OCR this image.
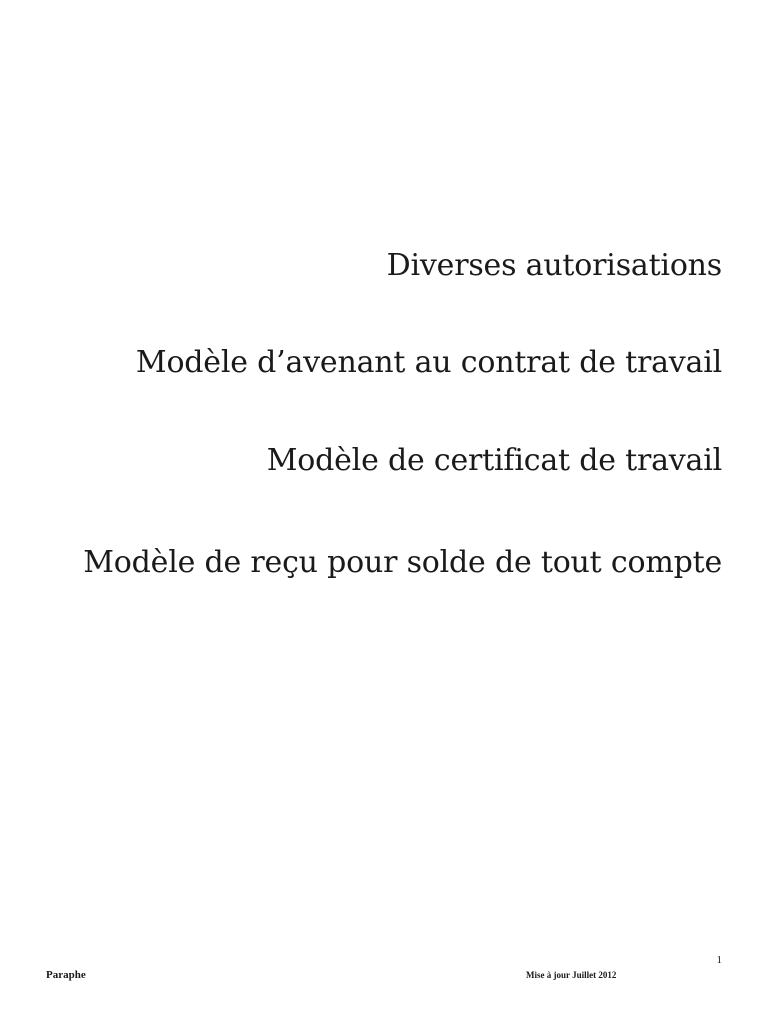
Diverses autorisations
Modèle d’avenant au contrat de travail
Modèle de certificat de travail
Modèle de reçu pour solde de tout compte
1
Paraphe	Mise à jour Juillet 2012
